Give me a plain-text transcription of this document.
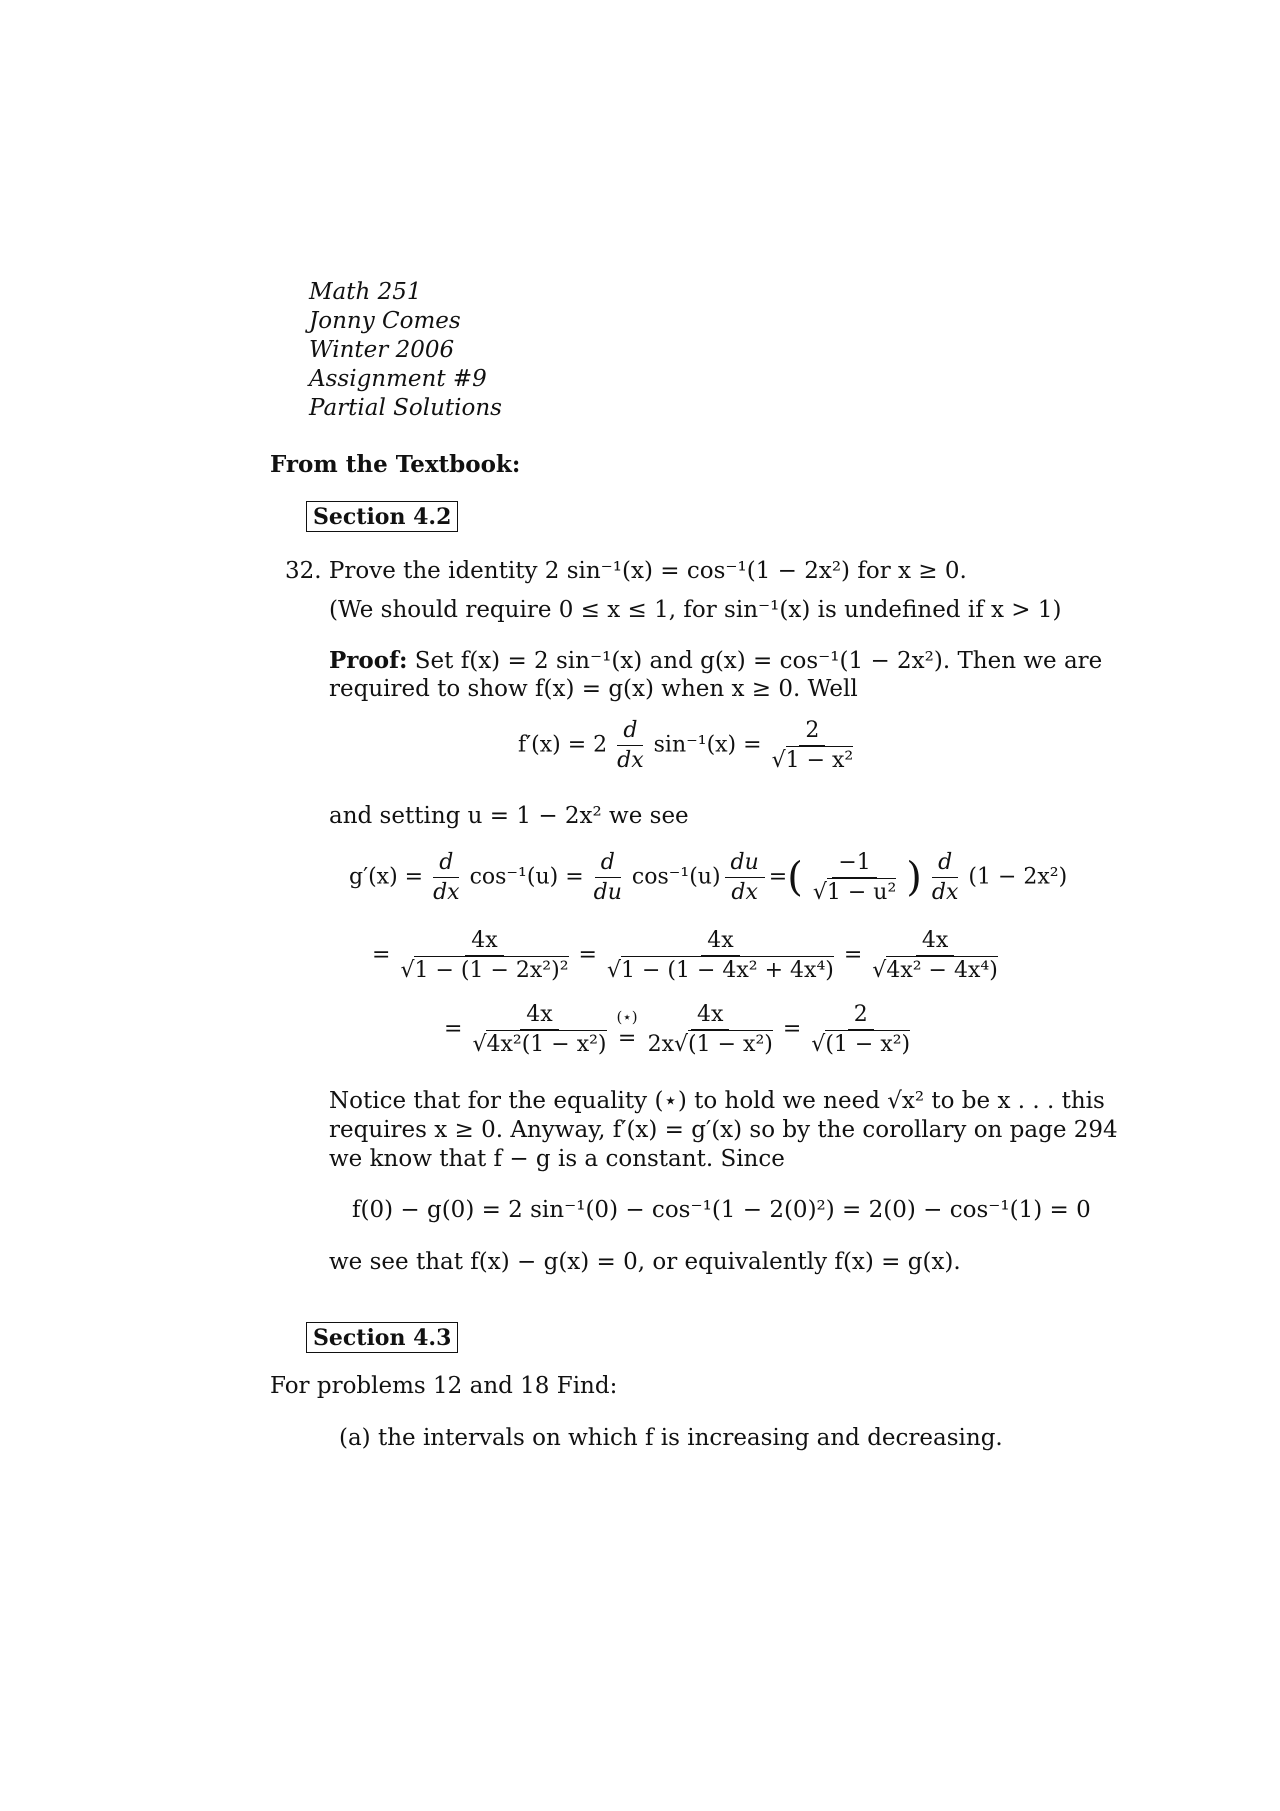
Math 251
Jonny Comes
Winter 2006
Assignment #9
Partial Solutions
From the Textbook:
Section 4.2
32. Prove the identity 2 sin⁻¹(x) = cos⁻¹(1 − 2x²) for x ≥ 0.
(We should require 0 ≤ x ≤ 1, for sin⁻¹(x) is undefined if x > 1)
Proof: Set f(x) = 2 sin⁻¹(x) and g(x) = cos⁻¹(1 − 2x²). Then we are
required to show f(x) = g(x) when x ≥ 0. Well
$f'(x) = 2 \frac{d}{dx} \sin^{-1}(x) = \frac{2}{\text{√1 − x²}}$
and setting u = 1 − 2x² we see
$g'(x) = \frac{d}{dx} \cos^{-1}(u) = \frac{d}{du} \cos^{-1}(u) \frac{du}{dx}$ =( $\frac{-1}{\text{√1 − u²}}$ ) $\frac{d}{dx} (1 - 2x^2)$
= $\frac{4x}{\text{√1 − (1 − 2x²)²}} = \frac{4x}{\text{√1 − (1 − 4x² + 4x⁴)}} = \frac{4x}{\text{√4x² − 4x⁴)}}$
= $\frac{4x}{\text{√4x²(1 − x²)}}$ (⋆)
= $\frac{4x}{\text{2x√(1 − x²)}} = \frac{2}{\text{√(1 − x²)}}$
Notice that for the equality (⋆) to hold we need √x² to be x . . . this
requires x ≥ 0. Anyway, f′(x) = g′(x) so by the corollary on page 294
we know that f − g is a constant. Since
f(0) − g(0) = 2 sin⁻¹(0) − cos⁻¹(1 − 2(0)²) = 2(0) − cos⁻¹(1) = 0
we see that f(x) − g(x) = 0, or equivalently f(x) = g(x).
Section 4.3
For problems 12 and 18 Find:
(a) the intervals on which f is increasing and decreasing.
